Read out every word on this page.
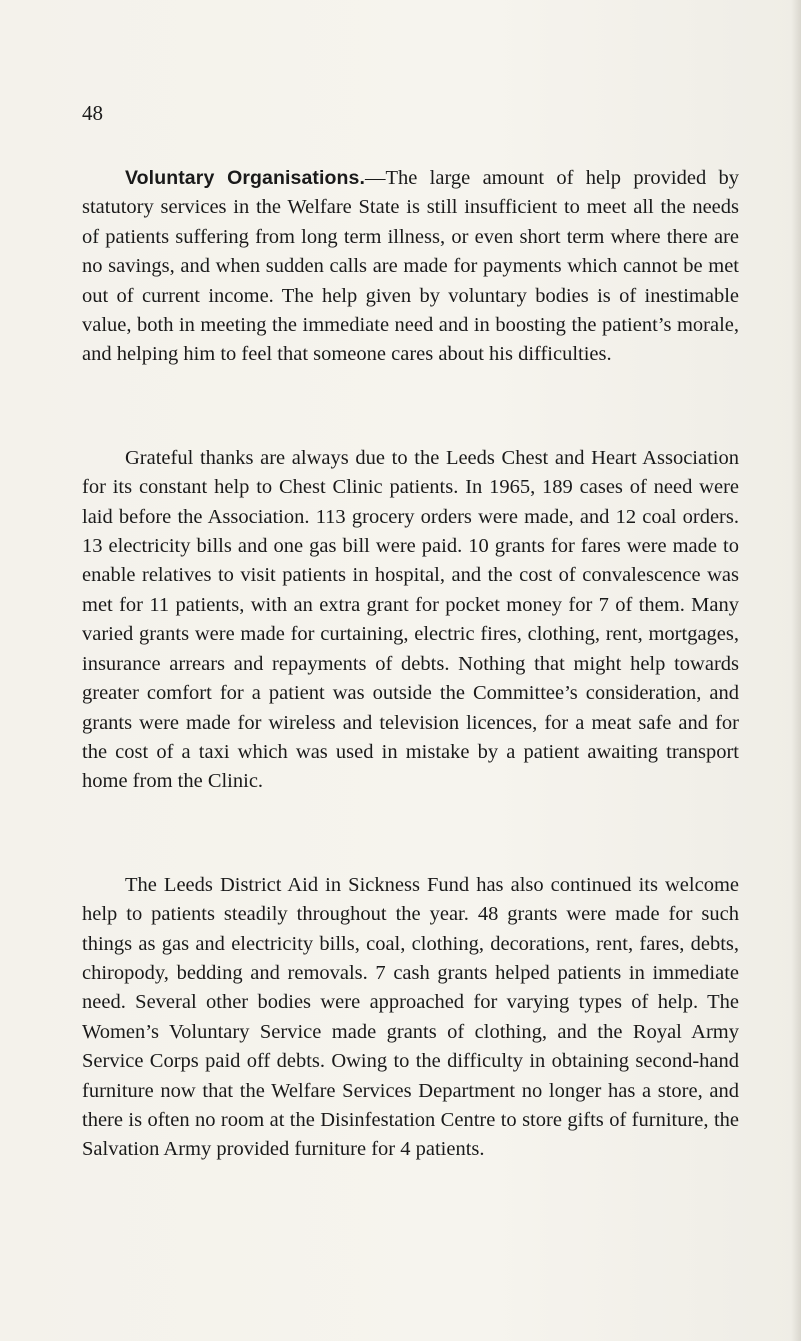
48

Voluntary Organisations.—The large amount of help provided by statutory services in the Welfare State is still insufficient to meet all the needs of patients suffering from long term illness, or even short term where there are no savings, and when sudden calls are made for payments which cannot be met out of current income. The help given by voluntary bodies is of inestimable value, both in meeting the immediate need and in boosting the patient’s morale, and helping him to feel that someone cares about his difficulties.

Grateful thanks are always due to the Leeds Chest and Heart Association for its constant help to Chest Clinic patients. In 1965, 189 cases of need were laid before the Association. 113 grocery orders were made, and 12 coal orders. 13 electricity bills and one gas bill were paid. 10 grants for fares were made to enable relatives to visit patients in hospital, and the cost of convalescence was met for 11 patients, with an extra grant for pocket money for 7 of them. Many varied grants were made for curtaining, electric fires, clothing, rent, mortgages, insurance arrears and repayments of debts. Nothing that might help towards greater comfort for a patient was outside the Committee’s consideration, and grants were made for wireless and television licences, for a meat safe and for the cost of a taxi which was used in mistake by a patient awaiting transport home from the Clinic.

The Leeds District Aid in Sickness Fund has also continued its welcome help to patients steadily throughout the year. 48 grants were made for such things as gas and electricity bills, coal, clothing, decorations, rent, fares, debts, chiropody, bedding and removals. 7 cash grants helped patients in immediate need. Several other bodies were approached for varying types of help. The Women’s Voluntary Service made grants of clothing, and the Royal Army Service Corps paid off debts. Owing to the difficulty in obtaining second-hand furniture now that the Welfare Services Department no longer has a store, and there is often no room at the Disinfestation Centre to store gifts of furniture, the Salvation Army provided furniture for 4 patients.
